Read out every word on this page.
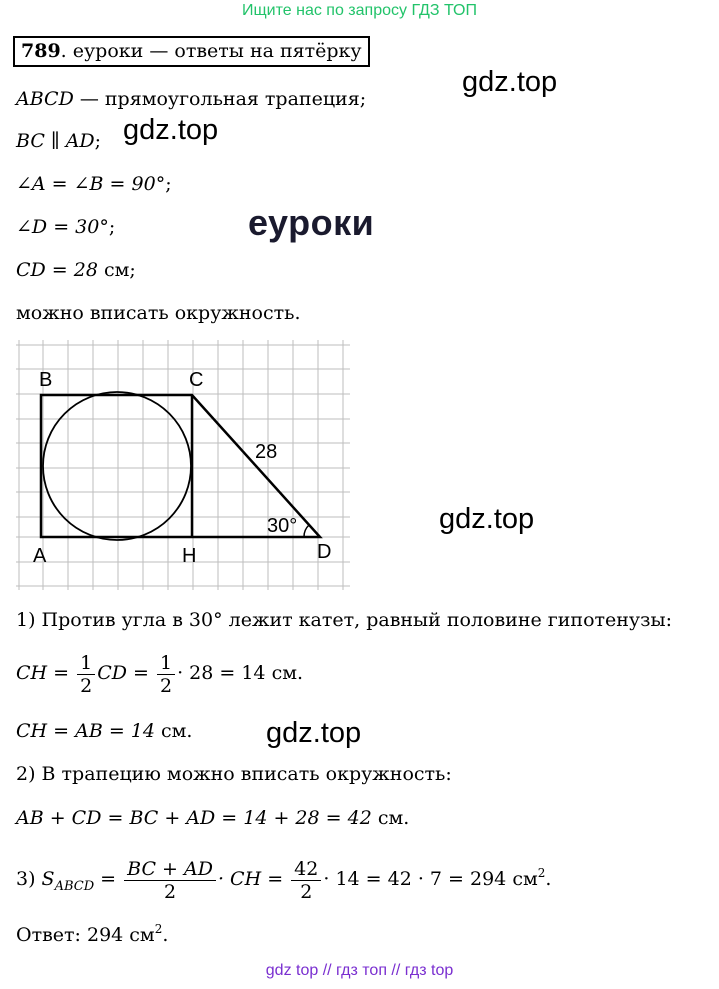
Ищите нас по запросу ГДЗ ТОП
789. еуроки — ответы на пятёрку
gdz.top
gdz.top
еуроки
ABCD — прямоугольная трапеция;
BC ∥ AD;
∠A = ∠B = 90°;
∠D = 30°;
CD = 28 см;
можно вписать окружность.
B	C
A	H	D
28
30°	gdz.top
1) Против угла в 30° лежит катет, равный половине гипотенузы:
CH = $\frac{1}{2}$ CD = $\frac{1}{2} \cdot 28 = 14$ см.
CH = AB = 14 см.	gdz.top
2) В трапецию можно вписать окружность:
AB + CD = BC + AD = 14 + 28 = 42 см.
3) $S_{ABCD} = \frac{BC + AD}{2}$ · CH = $\frac{42}{2} \cdot 14 = 42 \cdot 7 = 294$ $см^2$.
Ответ: 294 $см^2$.
gdz top // гдз топ // гдз top
